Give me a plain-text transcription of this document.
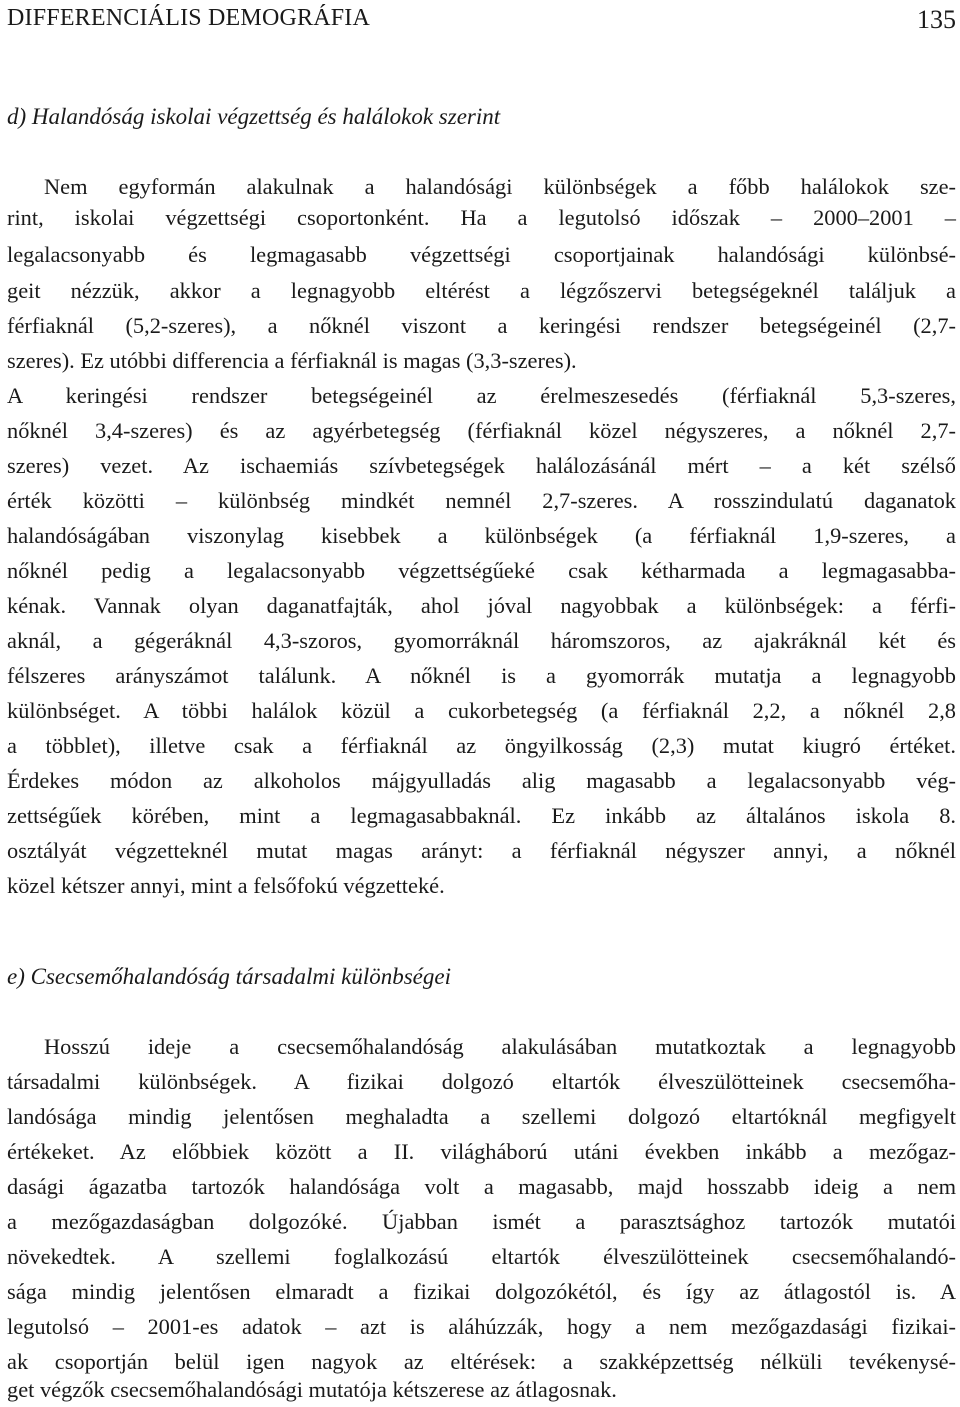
DIFFERENCIÁLIS DEMOGRÁFIA	135
d) Halandóság iskolai végzettség és halálokok szerint
Nem egyformán alakulnak a halandósági különbségek a főbb halálokok sze-
rint, iskolai végzettségi csoportonként. Ha a legutolsó időszak – 2000–2001 –
legalacsonyabb és legmagasabb végzettségi csoportjainak halandósági különbsé-
geit nézzük, akkor a legnagyobb eltérést a légzőszervi betegségeknél találjuk a
férfiaknál (5,2-szeres), a nőknél viszont a keringési rendszer betegségeinél (2,7-
szeres). Ez utóbbi differencia a férfiaknál is magas (3,3-szeres).
A keringési rendszer betegségeinél az érelmeszesedés (férfiaknál 5,3-szeres,
nőknél 3,4-szeres) és az agyérbetegség (férfiaknál közel négyszeres, a nőknél 2,7-
szeres) vezet. Az ischaemiás szívbetegségek halálozásánál mért – a két szélső
érték közötti – különbség mindkét nemnél 2,7-szeres. A rosszindulatú daganatok
halandóságában viszonylag kisebbek a különbségek (a férfiaknál 1,9-szeres, a
nőknél pedig a legalacsonyabb végzettségűeké csak kétharmada a legmagasabba-
kénak. Vannak olyan daganatfajták, ahol jóval nagyobbak a különbségek: a férfi-
aknál, a gégeráknál 4,3-szoros, gyomorráknál háromszoros, az ajakráknál két és
félszeres arányszámot találunk. A nőknél is a gyomorrák mutatja a legnagyobb
különbséget. A többi halálok közül a cukorbetegség (a férfiaknál 2,2, a nőknél 2,8
a többlet), illetve csak a férfiaknál az öngyilkosság (2,3) mutat kiugró értéket.
Érdekes módon az alkoholos májgyulladás alig magasabb a legalacsonyabb vég-
zettségűek körében, mint a legmagasabbaknál. Ez inkább az általános iskola 8.
osztályát végzetteknél mutat magas arányt: a férfiaknál négyszer annyi, a nőknél
közel kétszer annyi, mint a felsőfokú végzetteké.
e) Csecsemőhalandóság társadalmi különbségei
Hosszú ideje a csecsemőhalandóság alakulásában mutatkoztak a legnagyobb
társadalmi különbségek. A fizikai dolgozó eltartók élveszülötteinek csecsemőha-
landósága mindig jelentősen meghaladta a szellemi dolgozó eltartóknál megfigyelt
értékeket. Az előbbiek között a II. világháború utáni években inkább a mezőgaz-
dasági ágazatba tartozók halandósága volt a magasabb, majd hosszabb ideig a nem
a mezőgazdaságban dolgozóké. Újabban ismét a parasztsághoz tartozók mutatói
növekedtek. A szellemi foglalkozású eltartók élveszülötteinek csecsemőhalandó-
sága mindig jelentősen elmaradt a fizikai dolgozókétól, és így az átlagostól is. A
legutolsó – 2001-es adatok – azt is aláhúzzák, hogy a nem mezőgazdasági fizikai-
ak csoportján belül igen nagyok az eltérések: a szakképzettség nélküli tevékenysé-
get végzők csecsemőhalandósági mutatója kétszerese az átlagosnak.
